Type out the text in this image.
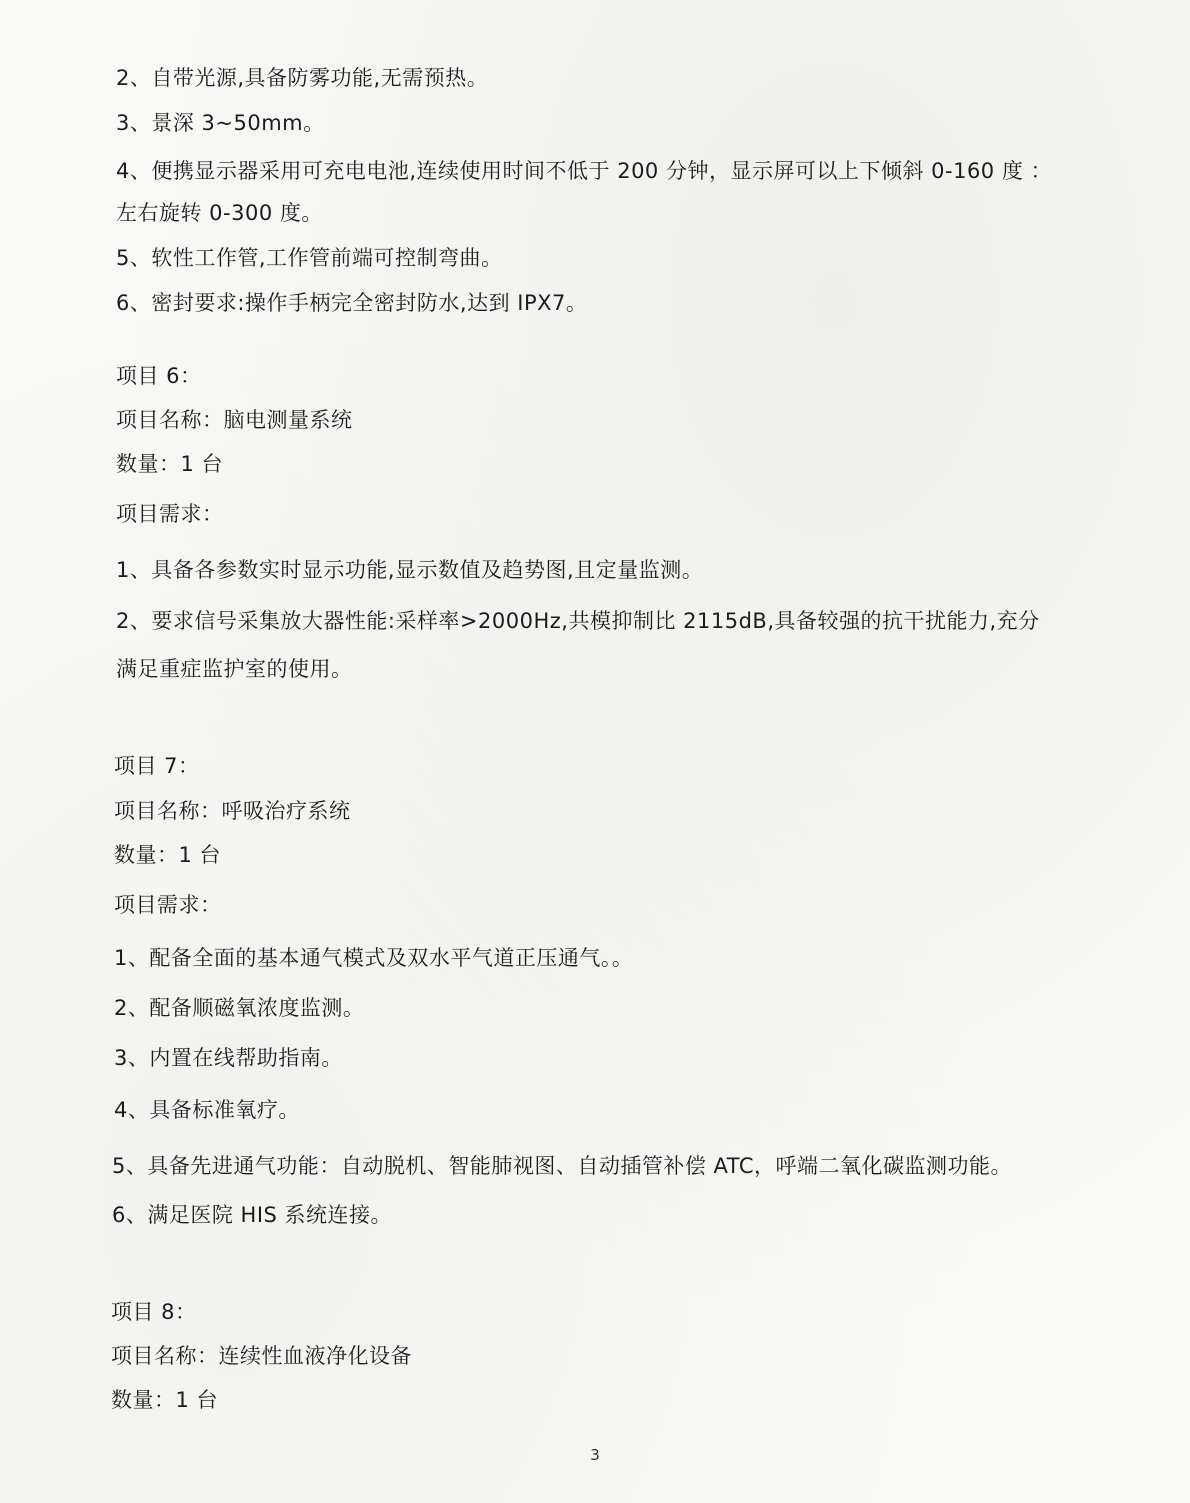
2、自带光源,具备防雾功能,无需预热。
3、景深 3~50mm。
4、便携显示器采用可充电电池,连续使用时间不低于 200 分钟，显示屏可以上下倾斜 0-160 度 ：
左右旋转 0-300 度。
5、软性工作管,工作管前端可控制弯曲。
6、密封要求:操作手柄完全密封防水,达到 IPX7。
项目 6：
项目名称：脑电测量系统
数量：1 台
项目需求：
1、具备各参数实时显示功能,显示数值及趋势图,且定量监测。
2、要求信号采集放大器性能:采样率>2000Hz,共模抑制比 2115dB,具备较强的抗干扰能力,充分
满足重症监护室的使用。
项目 7：
项目名称：呼吸治疗系统
数量：1 台
项目需求：
1、配备全面的基本通气模式及双水平气道正压通气。。
2、配备顺磁氧浓度监测。
3、内置在线帮助指南。
4、具备标准氧疗。
5、具备先进通气功能：自动脱机、智能肺视图、自动插管补偿 ATC，呼端二氧化碳监测功能。
6、满足医院 HIS 系统连接。
项目 8：
项目名称：连续性血液净化设备
数量：1 台
3
